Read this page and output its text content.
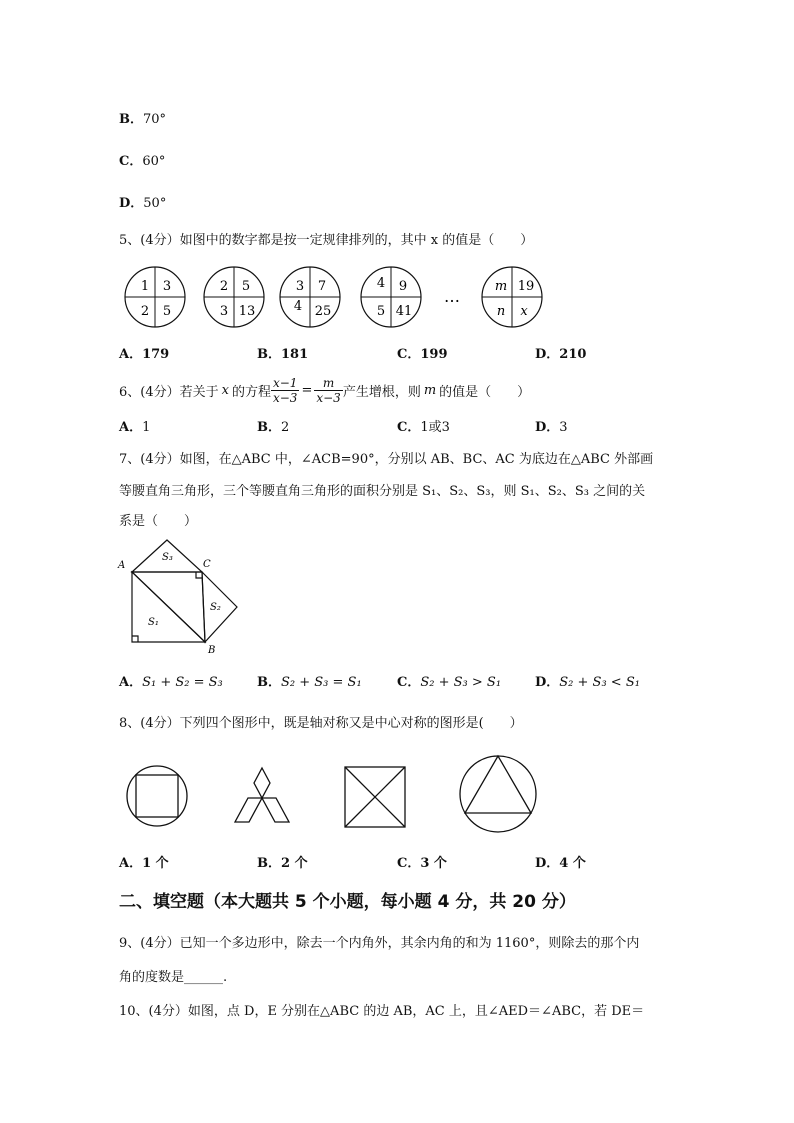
B．70°
C．60°
D．50°
5、(4分）如图中的数字都是按一定规律排列的，其中 x 的值是（　　）
1 3
2 5
2 5
3 13
3 7
4 25
4 9
5 41
…
m 19
n x
A．179	B．181	C．199	D．210
6、(4分）若关于 x 的方程 $\frac{x-1}{x-3} = \frac{m}{x-3}$ 产生增根，则 m 的值是（　　）
A．1	B．2	C．1或3	D．3
7、(4分）如图，在△ABC 中，∠ACB=90°，分别以 AB、BC、AC 为底边在△ABC 外部画
等腰直角三角形，三个等腰直角三角形的面积分别是 S₁、S₂、S₃，则 S₁、S₂、S₃ 之间的关
系是（　　）
A	C
B
S₃
S₂
S₁
A．S₁ + S₂ = S₃	B．S₂ + S₃ = S₁	C．S₂ + S₃ > S₁	D．S₂ + S₃ < S₁
8、(4分）下列四个图形中，既是轴对称又是中心对称的图形是(　　）
A．1 个	B．2 个	C．3 个	D．4 个
二、填空题（本大题共 5 个小题，每小题 4 分，共 20 分）
9、(4分）已知一个多边形中，除去一个内角外，其余内角的和为 1160°，则除去的那个内
角的度数是______.
10、(4分）如图，点 D，E 分别在△ABC 的边 AB，AC 上，且∠AED＝∠ABC，若 DE＝
